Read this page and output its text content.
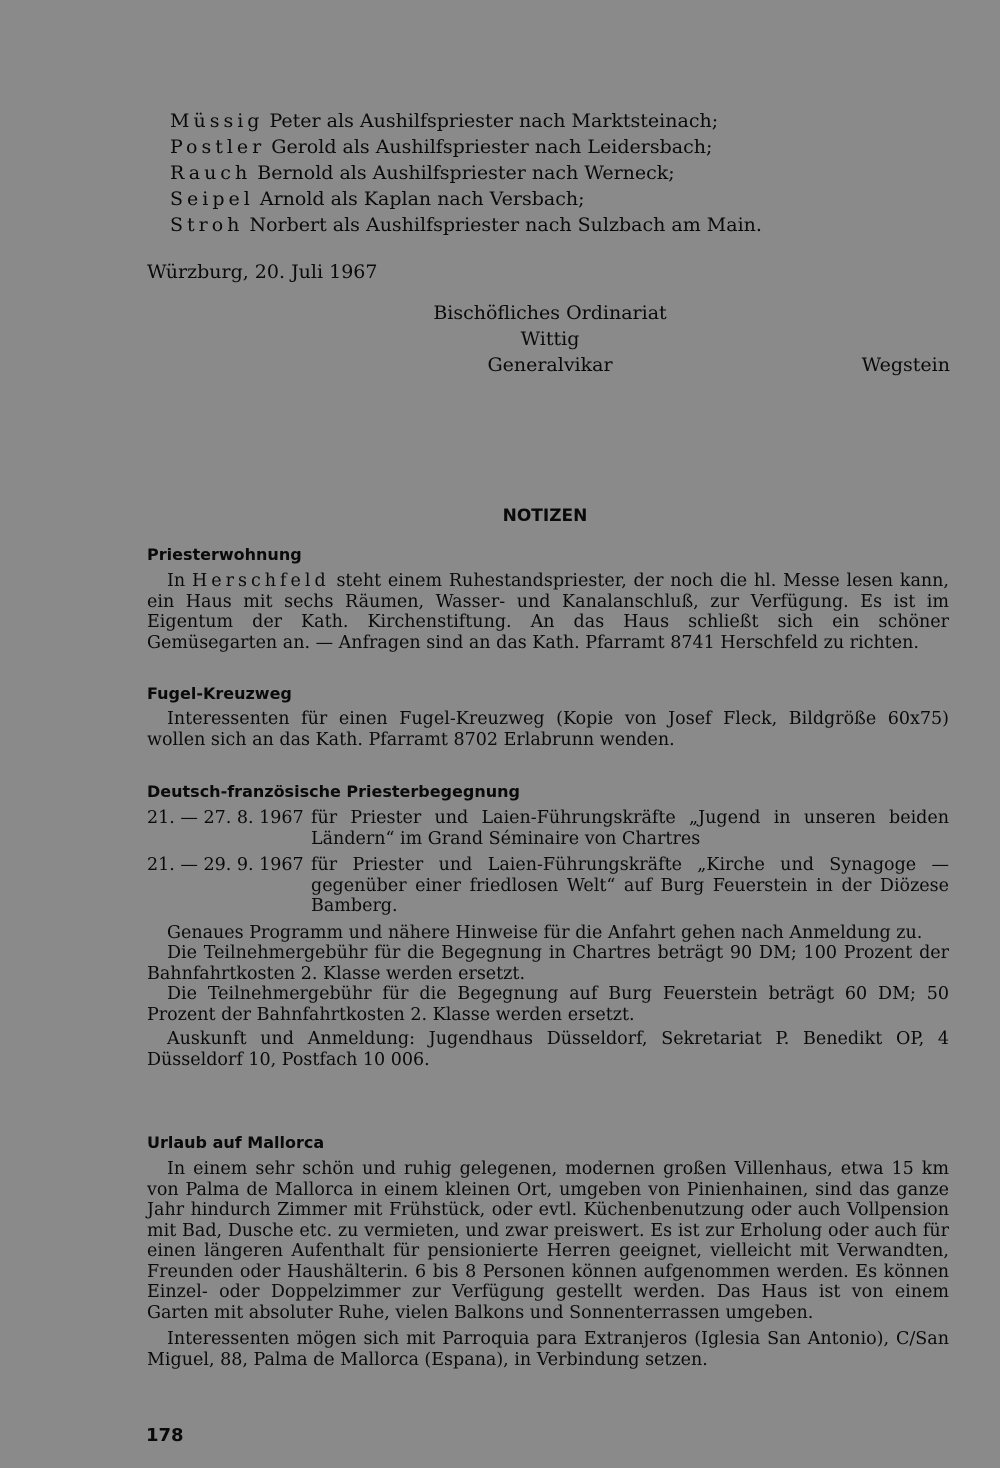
Müssig Peter als Aushilfspriester nach Marktsteinach;
Postler Gerold als Aushilfspriester nach Leidersbach;
Rauch Bernold als Aushilfspriester nach Werneck;
Seipel Arnold als Kaplan nach Versbach;
Stroh Norbert als Aushilfspriester nach Sulzbach am Main.
Würzburg, 20. Juli 1967
Bischöfliches Ordinariat
Wittig
Generalvikar	Wegstein
NOTIZEN
Priesterwohnung
In Herschfeld steht einem Ruhestandspriester, der noch die hl. Messe lesen kann, ein Haus mit sechs Räumen, Wasser- und Kanalanschluß, zur Verfügung. Es ist im Eigentum der Kath. Kirchenstiftung. An das Haus schließt sich ein schöner Gemüsegarten an. — Anfragen sind an das Kath. Pfarramt 8741 Herschfeld zu richten.
Fugel-Kreuzweg
Interessenten für einen Fugel-Kreuzweg (Kopie von Josef Fleck, Bildgröße 60x75) wollen sich an das Kath. Pfarramt 8702 Erlabrunn wenden.
Deutsch-französische Priesterbegegnung
21. — 27. 8. 1967 für Priester und Laien-Führungskräfte „Jugend in unseren beiden Ländern“ im Grand Séminaire von Chartres
21. — 29. 9. 1967 für Priester und Laien-Führungskräfte „Kirche und Synagoge — gegenüber einer friedlosen Welt“ auf Burg Feuerstein in der Diözese Bamberg.
Genaues Programm und nähere Hinweise für die Anfahrt gehen nach Anmeldung zu.
Die Teilnehmergebühr für die Begegnung in Chartres beträgt 90 DM; 100 Prozent der Bahnfahrtkosten 2. Klasse werden ersetzt.
Die Teilnehmergebühr für die Begegnung auf Burg Feuerstein beträgt 60 DM; 50 Prozent der Bahnfahrtkosten 2. Klasse werden ersetzt.
Auskunft und Anmeldung: Jugendhaus Düsseldorf, Sekretariat P. Benedikt OP, 4 Düsseldorf 10, Postfach 10 006.
Urlaub auf Mallorca
In einem sehr schön und ruhig gelegenen, modernen großen Villenhaus, etwa 15 km von Palma de Mallorca in einem kleinen Ort, umgeben von Pinienhainen, sind das ganze Jahr hindurch Zimmer mit Frühstück, oder evtl. Küchenbenutzung oder auch Vollpension mit Bad, Dusche etc. zu vermieten, und zwar preiswert. Es ist zur Erholung oder auch für einen längeren Aufenthalt für pensionierte Herren geeignet, vielleicht mit Verwandten, Freunden oder Haushälterin. 6 bis 8 Personen können aufgenommen werden. Es können Einzel- oder Doppelzimmer zur Verfügung gestellt werden. Das Haus ist von einem Garten mit absoluter Ruhe, vielen Balkons und Sonnenterrassen umgeben.
Interessenten mögen sich mit Parroquia para Extranjeros (Iglesia San Antonio), C/San Miguel, 88, Palma de Mallorca (Espana), in Verbindung setzen.
178
